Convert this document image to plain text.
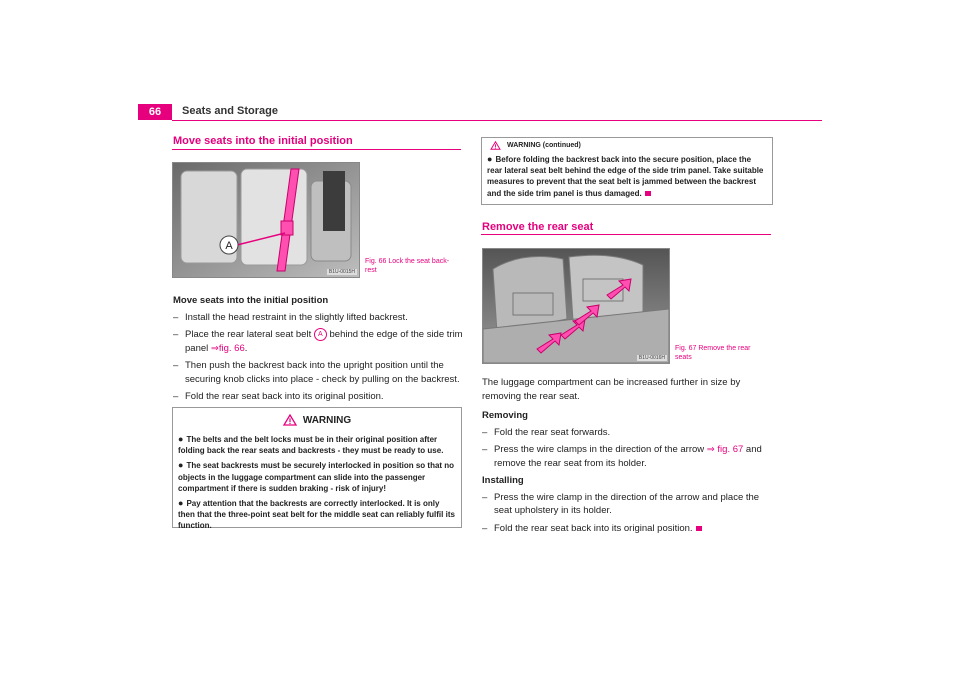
66	Seats and Storage
Move seats into the initial position
A
B1U-0015H
Fig. 66 Lock the seat back-rest
Move seats into the initial position
– Install the head restraint in the slightly lifted backrest.
– Place the rear lateral seat belt A behind the edge of the side trim panel ⇒fig. 66.
– Then push the backrest back into the upright position until the securing knob clicks into place - check by pulling on the backrest.
– Fold the rear seat back into its original position.
WARNING
● The belts and the belt locks must be in their original position after folding back the rear seats and backrests - they must be ready to use.
● The seat backrests must be securely interlocked in position so that no objects in the luggage compartment can slide into the passenger compartment if there is sudden braking - risk of injury!
● Pay attention that the backrests are correctly interlocked. It is only then that the three-point seat belt for the middle seat can reliably fulfil its function.
WARNING (continued)
● Before folding the backrest back into the secure position, place the rear lateral seat belt behind the edge of the side trim panel. Take suitable measures to prevent that the seat belt is jammed between the backrest and the side trim panel is thus damaged.
Remove the rear seat
B1U-0016H
Fig. 67 Remove the rear seats
The luggage compartment can be increased further in size by removing the rear seat.
Removing
– Fold the rear seat forwards.
– Press the wire clamps in the direction of the arrow ⇒ fig. 67 and remove the rear seat from its holder.
Installing
– Press the wire clamp in the direction of the arrow and place the seat upholstery in its holder.
– Fold the rear seat back into its original position.
